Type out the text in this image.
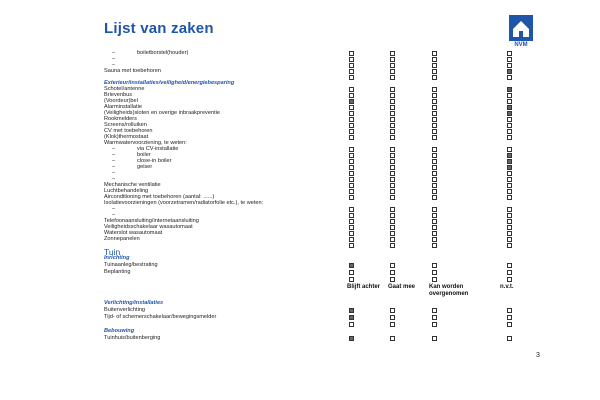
Lijst van zaken
NVM
boiletborstel(houder)
–
–
–
Sauna met toebehoren
Exterieur/installaties/veiligheid/energiebesparing
Schotel/antenne
Brievenbus
(Voordeur)bel
Alarminstallatie
(Veiligheids)sloten en overige inbraakpreventie
Rookmelders
Screens/rolluiken
CV met toebehoren
(Klok)thermostaat
Warmwatervoorziening, te weten:
via CV-installatie
–
boiler
–
close-in boiler
–
geiser
–
–
–
Mechanische ventilatie
Luchtbehandeling
Airconditioning met toebehoren (aantal: ......)
Isolatievoorzieningen (voorzetramen/radiatorfolie etc.), te weten:
–
–
Telefoonaansluiting/internetaansluiting
Veiligheidsschakelaar wasautomaat
Waterslot wasautomaat
Zonnepanelen
Inrichting
Tuinaanleg/bestrating
Beplanting
Verlichting/installaties
Buitenverlichting
Tijd- of schemerschakelaar/bewegingsmelder
Bebouwing
Tuinhuis/buitenberging
Tuin
Blijft achter Gaat mee Kan worden overgenomen
n.v.t.
3
